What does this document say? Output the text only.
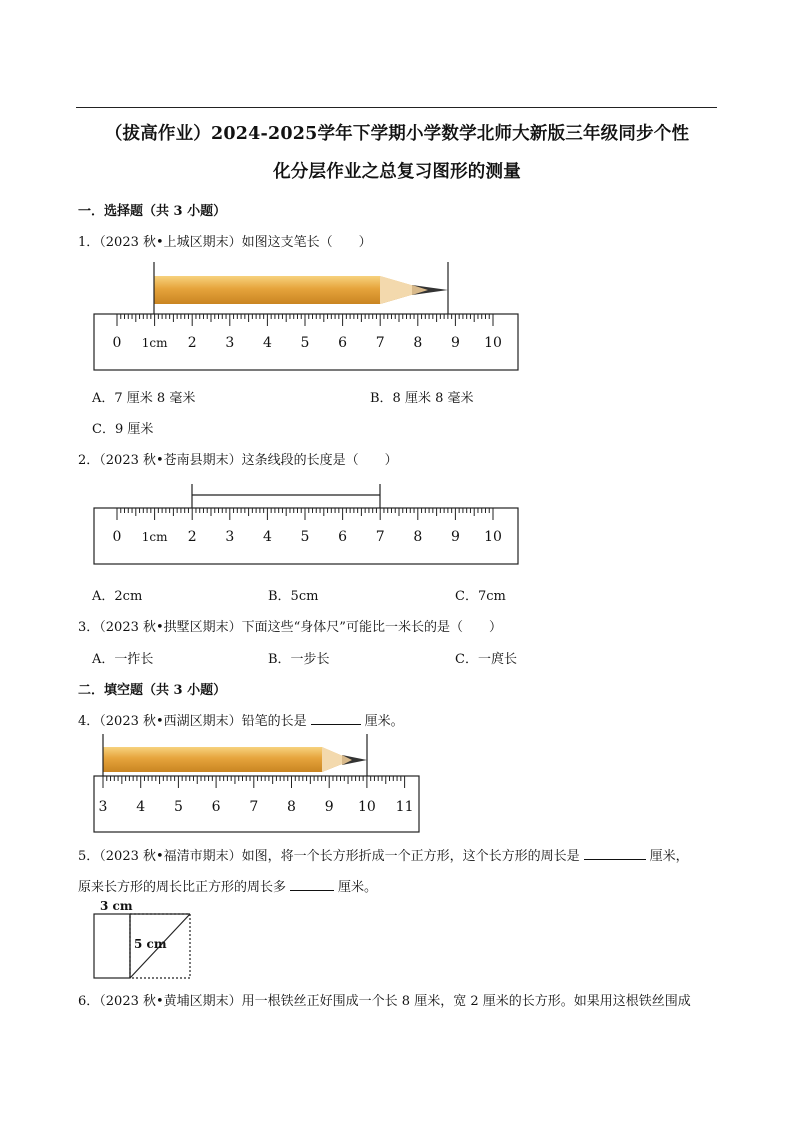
（拔高作业）2024-2025学年下学期小学数学北师大新版三年级同步个性
化分层作业之总复习图形的测量
一．选择题（共 3 小题）
1．（2023 秋•上城区期末）如图这支笔长（　　）
0 1cm 2 3 4 5 6 7 8 9 10
A．7 厘米 8 毫米	B．8 厘米 8 毫米
C．9 厘米
2．（2023 秋•苍南县期末）这条线段的长度是（　　）
0 1cm 2 3 4 5 6 7 8 9 10
A．2cm	B．5cm	C．7cm
3．（2023 秋•拱墅区期末）下面这些“身体尺”可能比一米长的是（　　）
A．一拃长	B．一步长	C．一庹长
二．填空题（共 3 小题）
4．（2023 秋•西湖区期末）铅笔的长是	厘米。
3 4 5 6 7 8 9 10 11
5．（2023 秋•福清市期末）如图，将一个长方形折成一个正方形，这个长方形的周长是	厘米，
原来长方形的周长比正方形的周长多	厘米。
3 cm
5 cm
6．（2023 秋•黄埔区期末）用一根铁丝正好围成一个长 8 厘米，宽 2 厘米的长方形。如果用这根铁丝围成
